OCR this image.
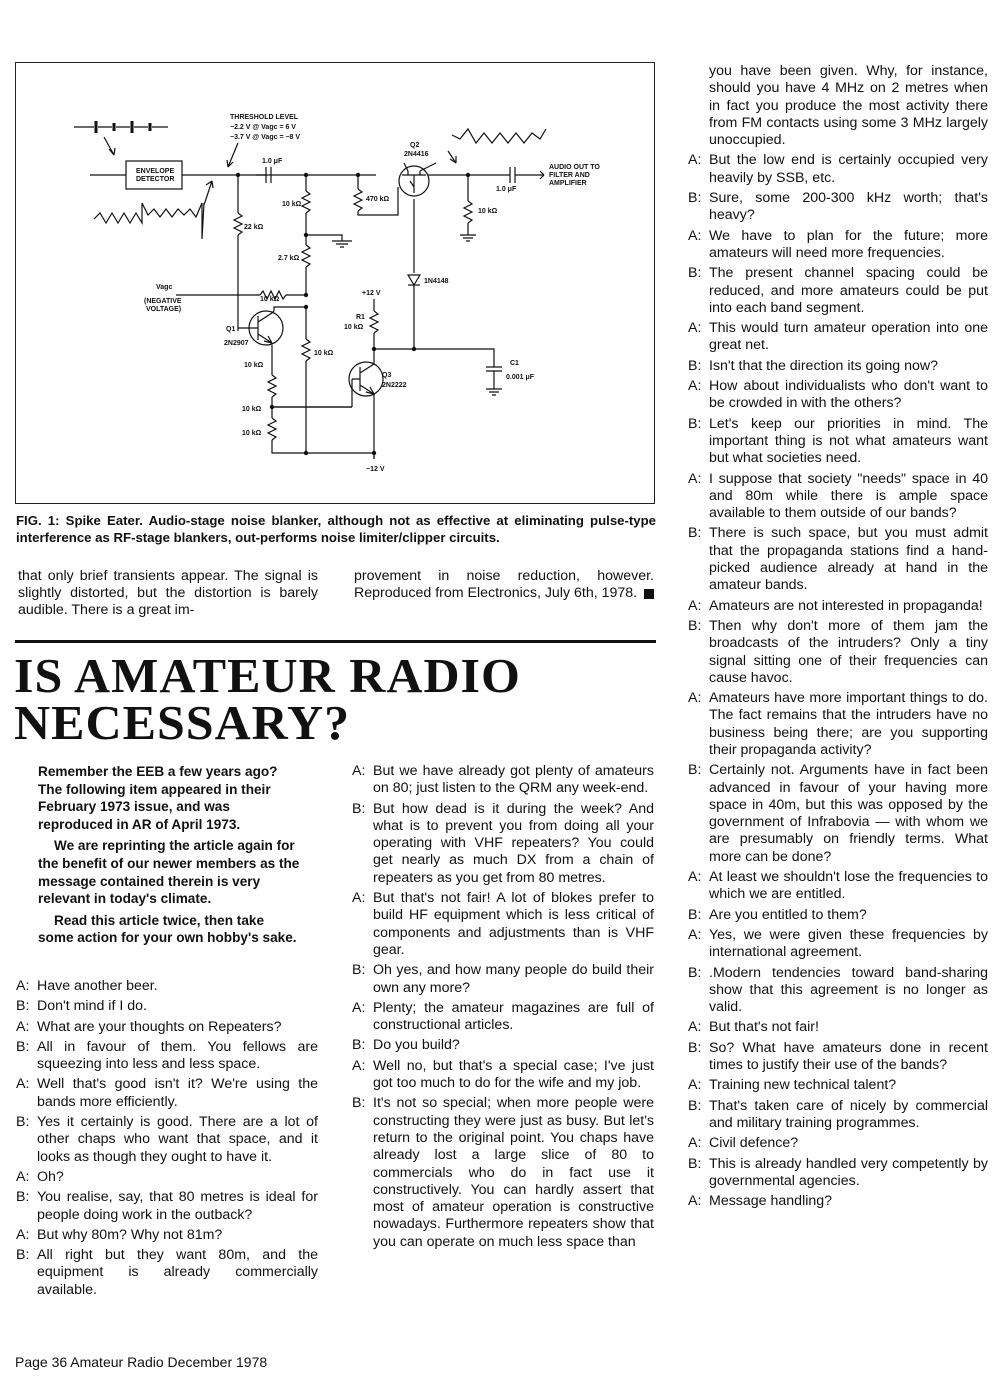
THRESHOLD LEVEL
−2.2 V @ Vagc = 6 V
−3.7 V @ Vagc = −8 V
ENVELOPE
DETECTOR
1.0 μF
Q2
2N4416
AUDIO OUT TO
FILTER AND
AMPLIFIER
1.0 μF
470 kΩ
10 kΩ
10 kΩ
22 kΩ
2.7 kΩ
1N4148
Vagc
(NEGATIVE
VOLTAGE)
10 kΩ
+12 V
R1
10 kΩ
C1
0.001 μF
Q1
2N2907
10 kΩ
10 kΩ
10 kΩ
Q3
2N2222
10 kΩ
−12 V
FIG. 1: Spike Eater. Audio-stage noise blanker, although not as effective at eliminating pulse-type interference as RF-stage blankers, out-performs noise limiter/clipper circuits.
that only brief transients appear. The signal is slightly distorted, but the distortion is barely audible. There is a great im-
provement in noise reduction, however. Reproduced from Electronics, July 6th, 1978.
IS AMATEUR RADIO
NECESSARY?

Remember the EEB a few years ago? The following item appeared in their February 1973 issue, and was reproduced in AR of April 1973.

We are reprinting the article again for the benefit of our newer members as the message contained therein is very relevant in today's climate.

Read this article twice, then take some action for your own hobby's sake.

A: Have another beer.
B: Don't mind if I do.
A: What are your thoughts on Repeaters?
B: All in favour of them. You fellows are squeezing into less and less space.
A: Well that's good isn't it? We're using the bands more efficiently.
B: Yes it certainly is good. There are a lot of other chaps who want that space, and it looks as though they ought to have it.
A: Oh?
B: You realise, say, that 80 metres is ideal for people doing work in the outback?
A: But why 80m? Why not 81m?
B: All right but they want 80m, and the equipment is already commercially available.
A: But we have already got plenty of amateurs on 80; just listen to the QRM any week-end.
B: But how dead is it during the week? And what is to prevent you from doing all your operating with VHF repeaters? You could get nearly as much DX from a chain of repeaters as you get from 80 metres.
A: But that's not fair! A lot of blokes prefer to build HF equipment which is less critical of components and adjustments than is VHF gear.
B: Oh yes, and how many people do build their own any more?
A: Plenty; the amateur magazines are full of constructional articles.
B: Do you build?
A: Well no, but that's a special case; I've just got too much to do for the wife and my job.
B: It's not so special; when more people were constructing they were just as busy. But let's return to the original point. You chaps have already lost a large slice of 80 to commercials who do in fact use it constructively. You can hardly assert that most of amateur operation is constructive nowadays. Furthermore repeaters show that you can operate on much less space than
you have been given. Why, for instance, should you have 4 MHz on 2 metres when in fact you produce the most activity there from FM contacts using some 3 MHz largely unoccupied.
A: But the low end is certainly occupied very heavily by SSB, etc.
B: Sure, some 200-300 kHz worth; that's heavy?
A: We have to plan for the future; more amateurs will need more frequencies.
B: The present channel spacing could be reduced, and more amateurs could be put into each band segment.
A: This would turn amateur operation into one great net.
B: Isn't that the direction its going now?
A: How about individualists who don't want to be crowded in with the others?
B: Let's keep our priorities in mind. The important thing is not what amateurs want but what societies need.
A: I suppose that society "needs" space in 40 and 80m while there is ample space available to them outside of our bands?
B: There is such space, but you must admit that the propaganda stations find a hand-picked audience already at hand in the amateur bands.
A: Amateurs are not interested in propaganda!
B: Then why don't more of them jam the broadcasts of the intruders? Only a tiny signal sitting one of their frequencies can cause havoc.
A: Amateurs have more important things to do. The fact remains that the intruders have no business being there; are you supporting their propaganda activity?
B: Certainly not. Arguments have in fact been advanced in favour of your having more space in 40m, but this was opposed by the government of Infrabovia — with whom we are presumably on friendly terms. What more can be done?
A: At least we shouldn't lose the frequencies to which we are entitled.
B: Are you entitled to them?
A: Yes, we were given these frequencies by international agreement.
B: .Modern tendencies toward band-sharing show that this agreement is no longer as valid.
A: But that's not fair!
B: So? What have amateurs done in recent times to justify their use of the bands?
A: Training new technical talent?
B: That's taken care of nicely by commercial and military training programmes.
A: Civil defence?
B: This is already handled very competently by governmental agencies.
A: Message handling?
Page 36 Amateur Radio December 1978
